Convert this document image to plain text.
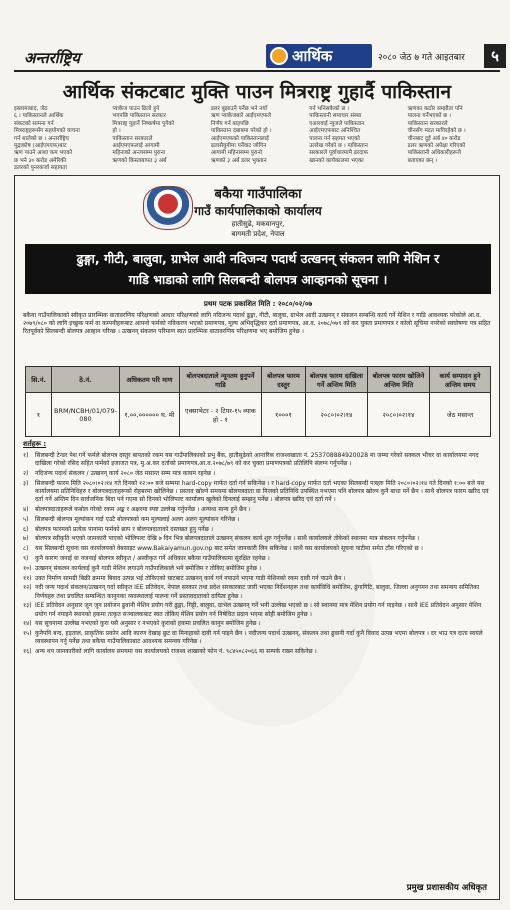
अन्तर्राष्ट्रिय	आर्थिक	२०८० जेठ ७ गते आइतबार	५
आर्थिक संकटबाट मुक्ति पाउन मित्रराष्ट्र गुहार्दै पाकिस्तान
इस्लामाबाद, जेठ
६ । पाकिस्तानले आर्थिक
संकटको सामना गर्न
मित्रराष्ट्रहरूसँग सहयोगको याचना
गर्न थालेको छ । अन्तर्राष्ट्रिय
मुद्राकोष (आईएमएफ)बाट
ऋण पाउने आशा कम भएको
छ भने ३० करोड अमेरिकी
डलरको पुनरकर्जा सहायता
प्याकेज पाउन ढिलो हुने
भएपछि पाकिस्तान सरकार
मित्रराष्ट्र गुहार्ने निष्कर्षमा पुगेको
हो ।
पाकिस्तान सरकारले
आईएमएफलाई आगामी
महिनाको अन्त्यसम्म पुराना
ऋणको किस्ताबापत ३ अर्ब
डलर बुझाउनै पर्नेछ भने नयाँ
ऋण प्याकेजबारे आईएमएफले
निर्णय गर्न बाहपछि
पाकिस्तान दबाबमा परेको हो ।
आईएमएफको पाकिस्तानलाई
ढलासैयुमीमा पर्नेवाट जोगिन
आगामी महिनासम्म पुरानो
ऋणको ३ अर्ब डलर भुक्तान
गर्न भनिसकेको छ ।
पाकिस्तानी समाचार संस्था
एआरवाई न्युजले पाकिस्तान
आईएमएफबाट अनिश्चित
पालना गर्न सहमत भएको
उल्लेख गरेको छ । पाकिस्तान
सरकारले पूर्वाधारमामै ढरदाफ
खानको कार्यकालमा भएका
ऋणका कठोर सम्झौता पनि
पालना गर्नेभएको छ ।
पाकिस्तान सरकारले
चीनसँग मदत मागिरहेको छ ।
चीनबाट दुई अर्ब ४० करोड
डलर ऋणको अपेक्षा गरिएको
पाकिस्तानी अधिकारीहरूले
बताएका छन् ।
बकैया गाउँपालिका
गाउँ कार्यपालिकाको कार्यालय
हातीसुढे, मकवानपुर,
बागमती प्रदेश, नेपाल
ढुङ्गा, गीटी, बालुवा, ग्राभेल आदी नदिजन्य पदार्थ उत्खनन् संकलन लागि मेशिन र
गाडि भाडाको लागि सिलबन्दी बोलपत्र आव्हानको सूचना ।
प्रथम पटक प्रकाशित मिति : २०८०/०२/०७
बकैया गाउँपालिकाको स्वीकृत प्रारम्भिक वातावरणिय परिक्षणको आधार परिक्षणको लागि नदिजन्य पदार्थ ढुङ्गा, गीटी, बालुवा, ग्राभेल आदी उत्खनन् र संकलन सम्बन्धि कार्य गर्ने मेशिन र गाडि आवश्यक परेकोले आ.व. २०७९/०८० को लागि इच्छुक फर्म वा कम्पनीहरूबाट आफ्नो फर्मको नविकरण भएको प्रमाणपत्र, मूल्य अभिवृद्धिकर दर्ता प्रमाणपत्र, आ.व. २०७८/०७९ को कर चुक्ता प्रमाणपत्र र कोलो सूचिमा नपरेको स्वघोषणा पत्र सहित रितपूर्वको सिलबन्दी बोलपत्र आव्हान गरिन्छ । उत्खनन् संकलन परिमाण स्वत प्रारम्भिक वातावरणिय परिक्षणमा भए बमोजिम हुनेछ ।
सि.नं.	ठे.नं.	अधिकतम परि माण	बोलपत्रदाताले न्यूनतम हुनुपर्ने गाडि	बोलपत्र फारम दस्तुर	बोलपत्र फारम दाखिला गर्ने अन्तिम मिति	बोलपत्र फारम खोलिने अन्तिम मिति	कार्य सम्पादन हुने अन्तिम समय
१	BRM/NCBH/01/079-080	१,००,०००००० घ. मी	एक्साभेटर - २ टिपर-१५ व्याक हो - १	१०००१	२०८०।०२।१४	२०८०।०२।१४	जेठ मसान्त
शर्तहरू :
१)	सिलबन्दी टेन्डर पेश गर्ने फर्मले बोलपत्र दस्तुर बापतको रकम यस गाउँपालिकाको प्रभु बैंक, हातीसुढेको आन्तरिक राजश्वखाता नं. 253708884920028 मा जम्मा गरेको सक्कल भौचर वा कार्यालयमा नगद दाखिला गरेको रसिद सहित फर्मको इजाजत पत्र, मु.अ.कर दर्ताको प्रमाणपत्र,आ.व.२०७८/७९ को कर चुक्ता प्रमाणपत्रको प्रतिलिपि संलग्न गर्नुपर्नेछ ।
२)	नदिजन्य पदार्थ संकलन / उत्खनन् कार्य २०८० जेठ मसान्त सम्म मात्र कायम रहनेछ ।
३)	सिलबन्दी फारम मिति २०८०।०२।१४ गते दिनको १२:०० बजे सम्ममा hard-copy मार्फत दर्ता गर्न सकिनेछ । र hard-copy मार्फत दर्ता भएका सिलबन्दी पत्रहरु मिति २०८०।०२।१४ गते दिनको १:०० बजे यस कार्यालयमा प्रतिनिधिहरु र बोलपत्रदाताहरूको रोहबरमा खोलिनेछ । प्रस्ताव खोल्ने समयमा बोलपत्रदाता वा निजको प्रतिनिधि उपस्थित नभएमा पनि बोलपत्र खोल्न कुनै बाधा पर्ने छैन । साथै बोलपत्र फारम खरिद एवं दर्ता गर्ने अन्तिम दिन सार्वजनिक बिदा पर्न गएमा सो दिनको भोलिपल्ट कार्यालय खुलेको दिनलाई सम्झनु पर्नेछ । बोलपत्र खरिद एवं दर्ता गर्ने ।
४)	बोलपत्रदाताहरूले कबोल गरेको रकम अङ्क र अक्षरमा स्पष्ट उल्लेख गर्नुपर्नेछ । अन्यथा मान्य हुने छैन ।
५)	सिलबन्दी बोलपत्र मूल्यांकन गर्दा एउटै बोलपत्रको कम मूल्यलाई अलग अलग मूल्यांकन गरिनेछ ।
६)	बोलपत्र फारमको प्रत्येक पानामा फर्मको छाप र बोलपत्रदाताको दस्तखत हुनु पर्नेछ ।
७)	बोलपत्र स्वीकृति भएको जानकारी पाएको भोलिपल्ट देखि ७ दिन भित्र बोलपत्रदाताले उत्खनन् संकलन कार्य शुरु गर्नुपर्नेछ । साथै कार्यालयले तोकेको स्थानमा मात्र संकलन गर्नुपर्नेछ ।
८)	यस सिलबन्दी सूचना यस कार्यालयको वेबसाइट www.Bakaiyamun.gov.np बाट समेत जानकारी लिन सकिनेछ । साथै यस कार्यालयको सूचना पाटीमा समेत टाँस गरिएको छ ।
९)	कुनै कारण जनाई वा नजनाई बोलपत्र स्वीकृत / अस्वीकृत गर्ने अधिकार बकैया गाउँपालिकामा सुरक्षित रहनेछ ।
१०) उत्खनन् संकलन कार्यलाई कुनै गाडी मेशिन लगाउने गाउँपालिकाले भने बमोजिम र तोकिए बमोजिम हुनेछ ।
११) उक्त निर्माण सामग्री बिक्री क्रममा बिवाद उत्पन्न भई तोकिएको घाटबाट उत्खनन् कार्य गर्न नपाउने भएमा गाडी मेशिनको रकम दावी गर्न पाउने छैन ।
१२) नदी जन्य पदार्थ संकलन/उत्खनन् गर्दा स्वीकृत IEE प्रतिवेदन, नेपाल सरकार तथा प्रदेश सरकारबाट जारी भएका निर्देशनहरू तथा कार्यविधि बमोजिम, ढुंगागिटि, बालुवा, जिल्ला अनुगमन तथा समन्वय समितिका निर्णयहरु तथा प्रचलित सम्बन्धित कानुनका व्यवस्थालाई पालना गर्ने प्रस्तावदाताको दायित्व हुनेछ ।
१३) IEE प्रतिवेदन अनुसार जुन जुन प्रयोजन ढुवानी मेशिन प्रयोग गरी ढुङ्गा, गिट्टी, बालुवा, ग्राभेल उत्खनन् गर्ने भनी उल्लेख भएको छ । सो स्थानमा मात्र मेशिन प्रयोग गर्न पाइनेछ । साथै IEE प्रतिवेदन अनुसार मेशिन प्रयोग गर्न नपाइने स्थानको हकमा तत्कृत सञ्चालकबाट स्वत तोकिए मेशिन प्रयोग गर्न निषेधित प्रदान भएमा सोही बमोजिम हुनेछ ।
१४) यस सूचनामा उल्लेख नभएको कुरा यसै अनुसार र नभएको कुराको हकमा प्रचलित कानुन बमोजिम हुनेछ ।
१५) कुनैपनि बन्द, हड़ताल, प्राकृतिक प्रकोप आदि कारण देखाइ छुट वा मिनाहाको दावी गर्न पाइने छैन । नदीजन्य पदार्थ उत्खनन्, संकलन तथा ढुवानी गर्दा कुनै विवाद उत्पन्न भएमा बोलपत्र । दर भाउ पत्र दाता स्वयंले व्यवस्थापन गर्नु पर्नेछ तथा बकैया गाउँपालिकाबाट आवश्यक समन्वय गरिनेछ ।
१६) अन्य थप जानकारीको लागि कार्यालय समयमा यस कार्यालयको राजश्व शाखाको फोन नं. ९८४५०८२०६६ मा सम्पर्क राख्न सकिनेछ ।
प्रमुख प्रशासकीय अधिकृत
